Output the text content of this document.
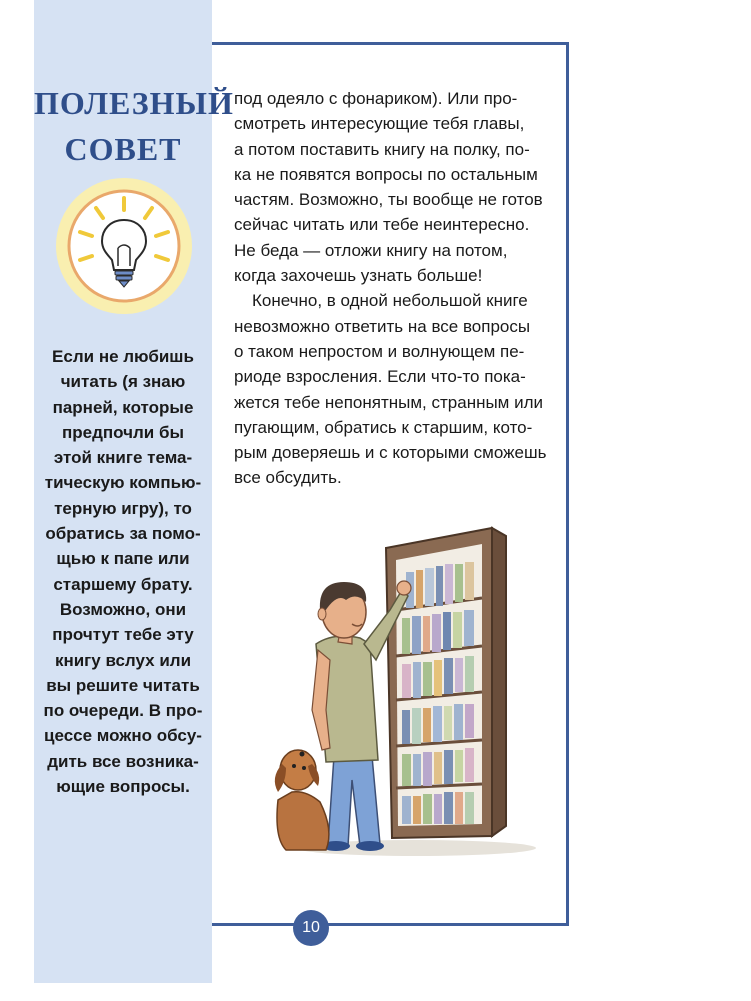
ПОЛЕЗНЫЙ
СОВЕТ
Если не любишь
читать (я знаю
парней, которые
предпочли бы
этой книге тема-
тическую компью-
терную игру), то
обратись за помо-
щью к папе или
старшему брату.
Возможно, они
прочтут тебе эту
книгу вслух или
вы решите читать
по очереди. В про-
цессе можно обсу-
дить все возника-
ющие вопросы.

под одеяло с фонариком). Или про-

смотреть интересующие тебя главы,

а потом поставить книгу на полку, по-

ка не появятся вопросы по остальным

частям. Возможно, ты вообще не готов

сейчас читать или тебе неинтересно.

Не беда — отложи книгу на потом,

когда захочешь узнать больше!

Конечно, в одной небольшой книге

невозможно ответить на все вопросы

о таком непростом и волнующем пе-

риоде взросления. Если что-то пока-

жется тебе непонятным, странным или

пугающим, обратись к старшим, кото-

рым доверяешь и с которыми сможешь

все обсудить.

10
